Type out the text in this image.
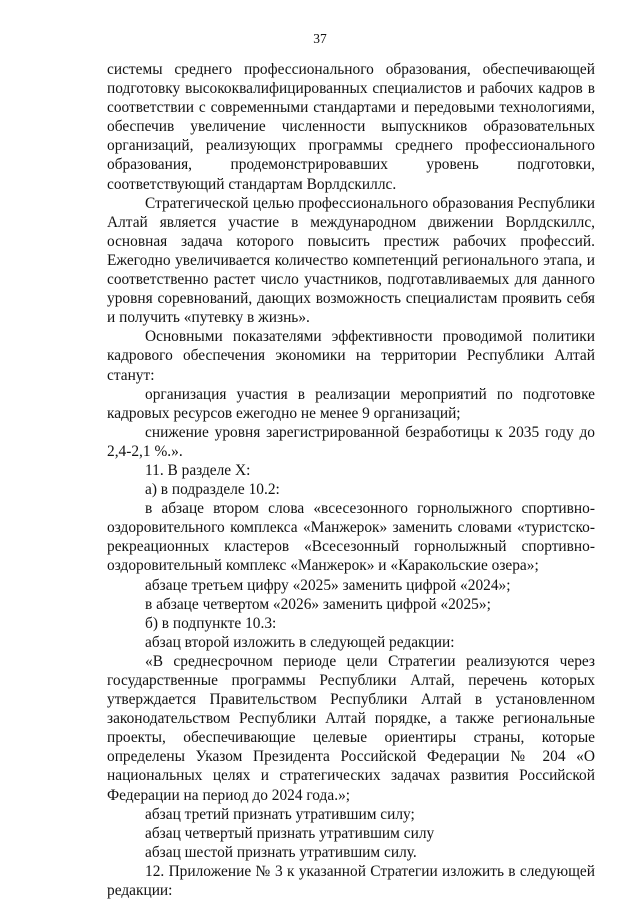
37

системы среднего профессионального образования, обеспечивающей подготовку высококвалифицированных специалистов и рабочих кадров в соответствии с современными стандартами и передовыми технологиями, обеспечив увеличение численности выпускников образовательных организаций, реализующих программы среднего профессионального образования, продемонстрировавших уровень подготовки, соответствующий стандартам Ворлдскиллс.

Стратегической целью профессионального образования Республики Алтай является участие в международном движении Ворлдскиллс, основная задача которого повысить престиж рабочих профессий. Ежегодно увеличивается количество компетенций регионального этапа, и соответственно растет число участников, подготавливаемых для данного уровня соревнований, дающих возможность специалистам проявить себя и получить «путевку в жизнь».

Основными показателями эффективности проводимой политики кадрового обеспечения экономики на территории Республики Алтай станут:

организация участия в реализации мероприятий по подготовке кадровых ресурсов ежегодно не менее 9 организаций;

снижение уровня зарегистрированной безработицы к 2035 году до 2,4-2,1 %.».

11. В разделе X:

а) в подразделе 10.2:

в абзаце втором слова «всесезонного горнолыжного спортивно-оздоровительного комплекса «Манжерок» заменить словами «туристско-рекреационных кластеров «Всесезонный горнолыжный спортивно-оздоровительный комплекс «Манжерок» и «Каракольские озера»;

абзаце третьем цифру «2025» заменить цифрой «2024»;

в абзаце четвертом «2026» заменить цифрой «2025»;

б) в подпункте 10.3:

абзац второй изложить в следующей редакции:

«В среднесрочном периоде цели Стратегии реализуются через государственные программы Республики Алтай, перечень которых утверждается Правительством Республики Алтай в установленном законодательством Республики Алтай порядке, а также региональные проекты, обеспечивающие целевые ориентиры страны, которые определены Указом Президента Российской Федерации № 204 «О национальных целях и стратегических задачах развития Российской Федерации на период до 2024 года.»;

абзац третий признать утратившим силу;

абзац четвертый признать утратившим силу

абзац шестой признать утратившим силу.

12. Приложение № 3 к указанной Стратегии изложить в следующей редакции:
